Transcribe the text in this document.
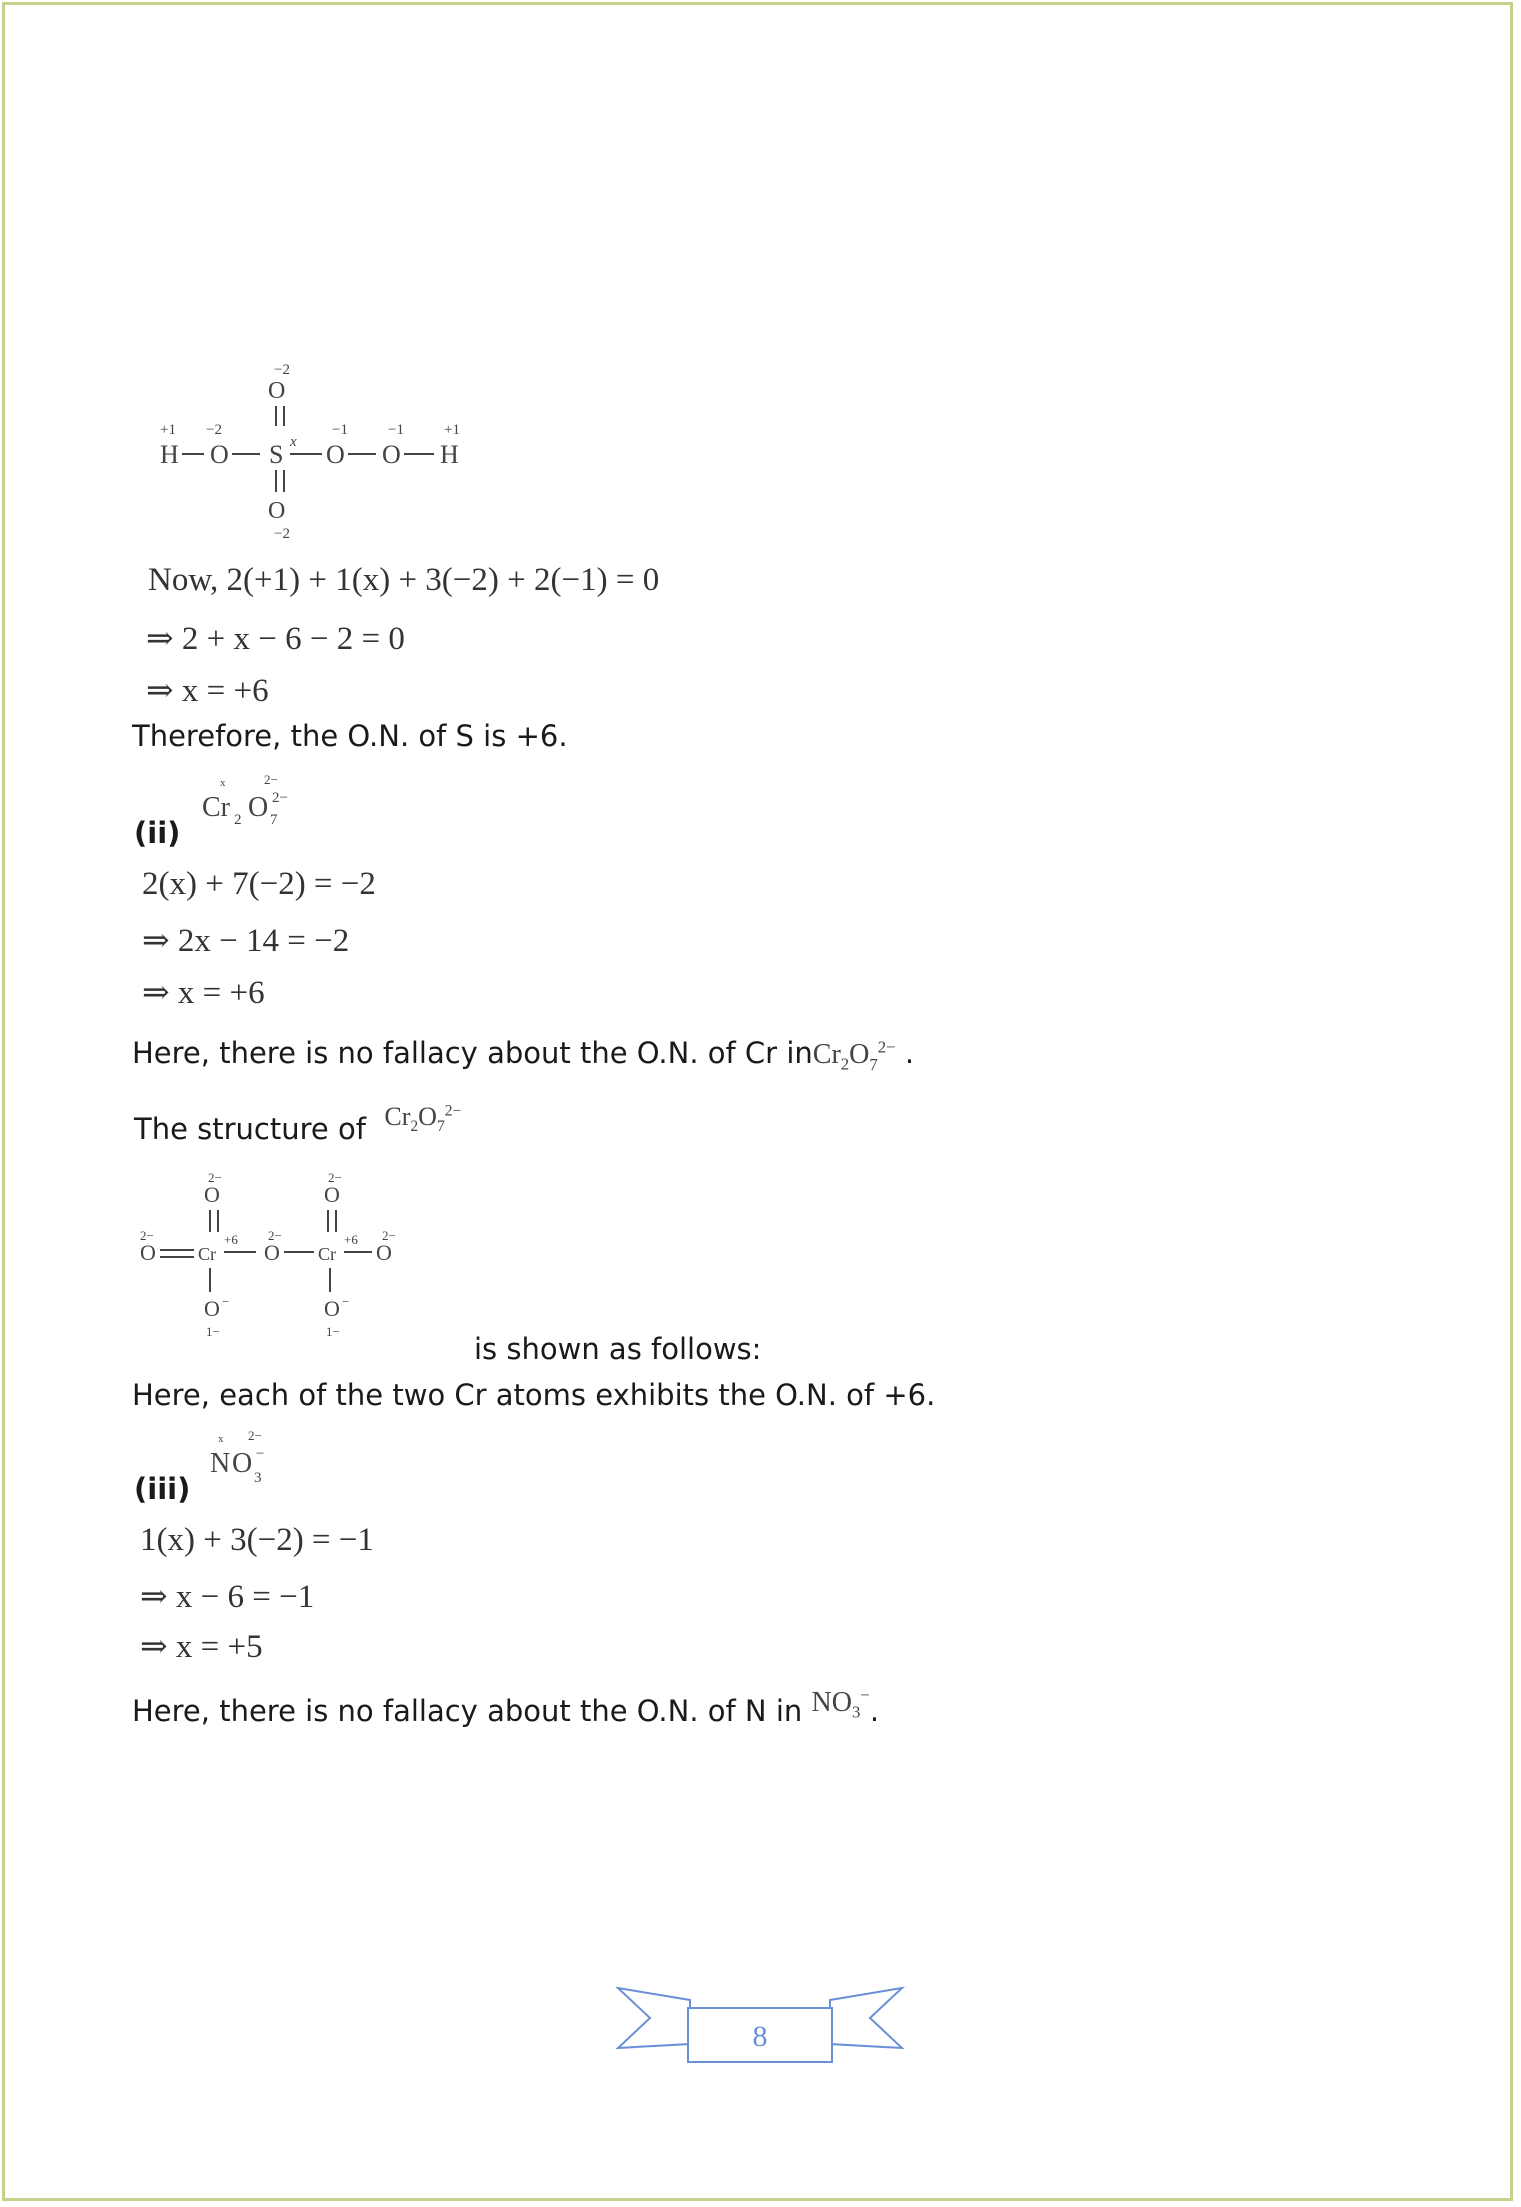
−2
O
+1 −2
x
−1	−1	+1
H O S O O H
O
−2
Now, 2(+1) + 1(x) + 3(−2) + 2(−1) = 0
⇒ 2 + x − 6 − 2 = 0
⇒ x = +6
Therefore, the O.N. of S is +6.
(ii)
x	2−
Cr 2 O 7
2−
2(x) + 7(−2) = −2
⇒ 2x − 14 = −2
⇒ x = +6
Here, there is no fallacy about the O.N. of Cr $inCr_2O_7^{2-}$ .
The structure of $Cr_2O_7^{2-}$
2−
O
2−
O
2−
O Cr
+6 2−
O Cr
+6 2−
O
O −
1−
O −
1−
is shown as follows:
Here, each of the two Cr atoms exhibits the O.N. of +6.
(iii)
x 2−
N O 3
−
1(x) + 3(−2) = −1
⇒ x − 6 = −1
⇒ x = +5
Here, there is no fallacy about the O.N. of N in $NO_3^-$.
8
